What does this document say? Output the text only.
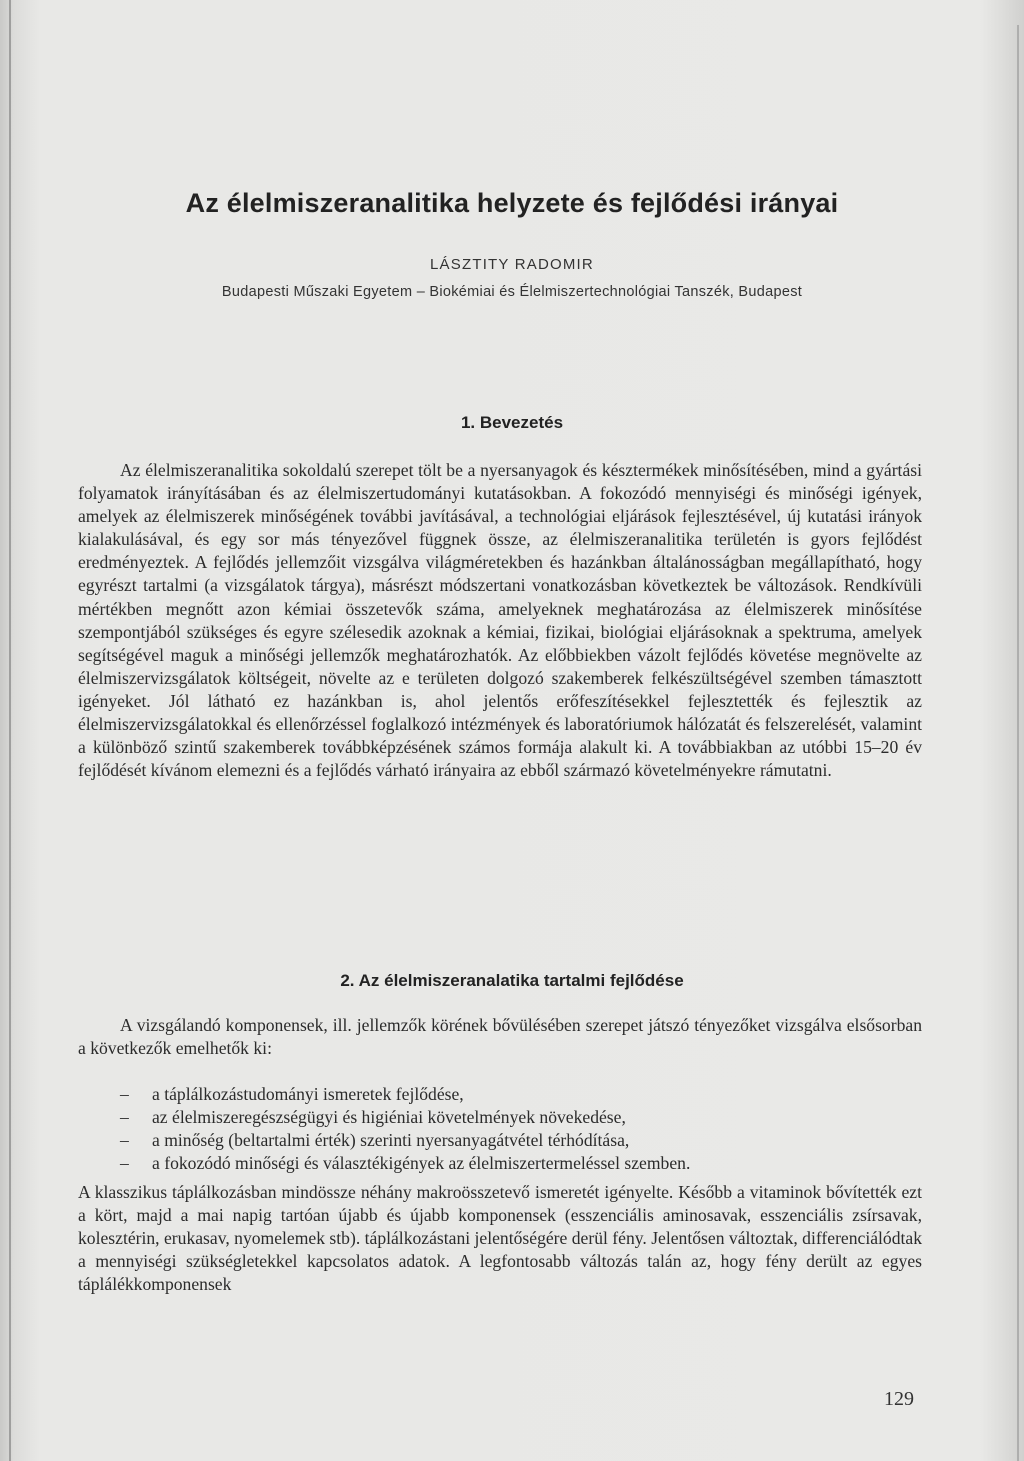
Az élelmiszeranalitika helyzete és fejlődési irányai
LÁSZTITY RADOMIR
Budapesti Műszaki Egyetem – Biokémiai és Élelmiszertechnológiai Tanszék, Budapest
1. Bevezetés
Az élelmiszeranalitika sokoldalú szerepet tölt be a nyersanyagok és késztermékek minősítésében, mind a gyártási folyamatok irányításában és az élelmiszertudományi kutatásokban. A fokozódó mennyiségi és minőségi igények, amelyek az élelmiszerek minőségének további javításával, a technológiai eljárások fejlesztésével, új kutatási irányok kialakulásával, és egy sor más tényezővel függnek össze, az élelmiszeranalitika területén is gyors fejlődést eredményeztek. A fejlődés jellemzőit vizsgálva világméretekben és hazánkban általánosságban megállapítható, hogy egyrészt tartalmi (a vizsgálatok tárgya), másrészt módszertani vonatkozásban következtek be változások. Rendkívüli mértékben megnőtt azon kémiai összetevők száma, amelyeknek meghatározása az élelmiszerek minősítése szempontjából szükséges és egyre szélesedik azoknak a kémiai, fizikai, biológiai eljárásoknak a spektruma, amelyek segítségével maguk a minőségi jellemzők meghatározhatók. Az előbbiekben vázolt fejlődés követése megnövelte az élelmiszervizsgálatok költségeit, növelte az e területen dolgozó szakemberek felkészültségével szemben támasztott igényeket. Jól látható ez hazánkban is, ahol jelentős erőfeszítésekkel fejlesztették és fejlesztik az élelmiszervizsgálatokkal és ellenőrzéssel foglalkozó intézmények és laboratóriumok hálózatát és felszerelését, valamint a különböző szintű szakemberek továbbképzésének számos formája alakult ki. A továbbiakban az utóbbi 15–20 év fejlődését kívánom elemezni és a fejlődés várható irányaira az ebből származó követelményekre rámutatni.
2. Az élelmiszeranalatika tartalmi fejlődése
A vizsgálandó komponensek, ill. jellemzők körének bővülésében szerepet játszó tényezőket vizsgálva elsősorban a következők emelhetők ki:
– a táplálkozástudományi ismeretek fejlődése,
– az élelmiszeregészségügyi és higiéniai követelmények növekedése,
– a minőség (beltartalmi érték) szerinti nyersanyagátvétel térhódítása,
– a fokozódó minőségi és választékigények az élelmiszertermeléssel szemben.
A klasszikus táplálkozásban mindössze néhány makroösszetevő ismeretét igényelte. Később a vitaminok bővítették ezt a kört, majd a mai napig tartóan újabb és újabb komponensek (esszenciális aminosavak, esszenciális zsírsavak, kolesztérin, erukasav, nyomelemek stb). táplálkozástani jelentőségére derül fény. Jelentősen változtak, differenciálódtak a mennyiségi szükségletekkel kapcsolatos adatok. A legfontosabb változás talán az, hogy fény derült az egyes táplálékkomponensek
129
